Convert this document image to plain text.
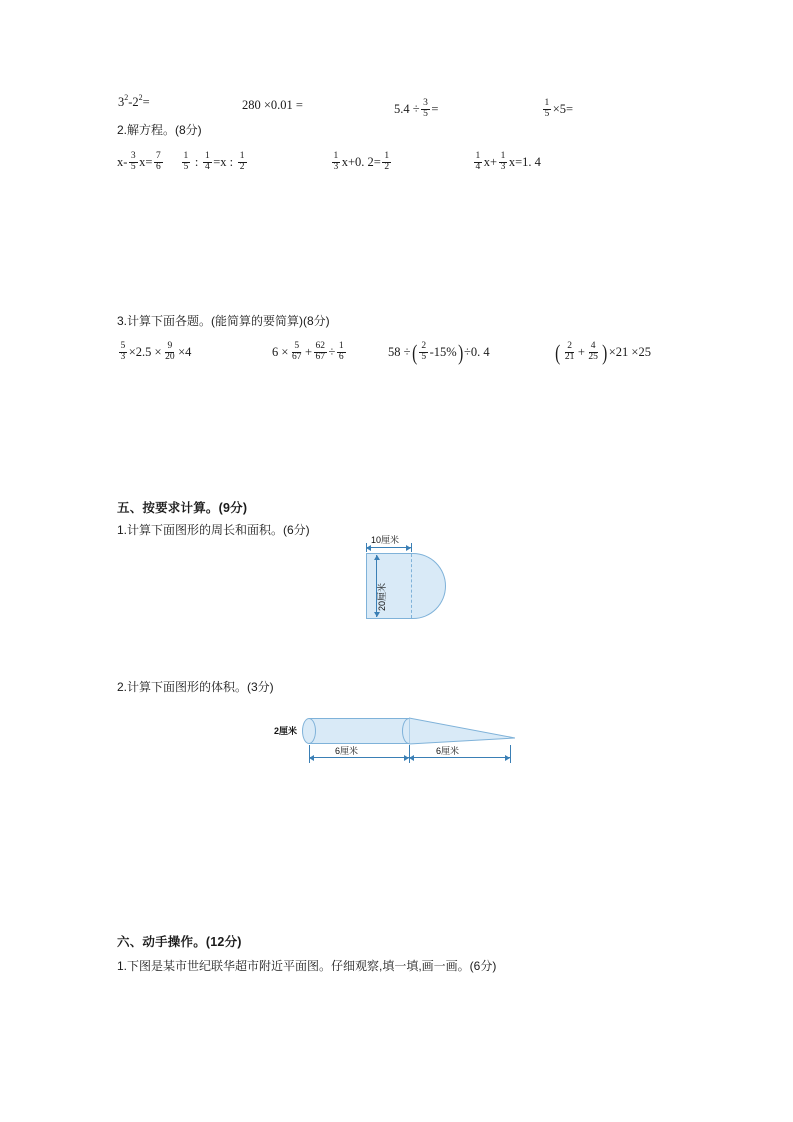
3 2 ‑2 2 =	280 ×0.01 =	$5.4 \div \frac{3}{5}$ =	$\frac{1}{5} \times 5=$
2.解方程。(8分)
$x- \frac{3}{5} x= \frac{7}{6} \frac{1}{5}$ : $\frac{1}{4} =x$ : $\frac{1}{2}$	$\frac{1}{3} x+0$. $2= \frac{1}{2}$	$\frac{1}{4} x+ \frac{1}{3} x=1$. 4
3.计算下面各题。(能简算的要简算)(8分)
$\frac{5}{3} \times 2.5 \times \frac{9}{20} \times 4$	$6 \times \frac{5}{67} + \frac{62}{67} \div \frac{1}{6}$	58 ÷ ( $\frac{2}{5} -15\%$ ) ÷0. 4	( $\frac{2}{21} + \frac{4}{25}$ ) ×21 ×25
五、按要求计算。(9分)
1.计算下面图形的周长和面积。(6分)
10厘米
20厘米
2.计算下面图形的体积。(3分)
2厘米
6厘米	6厘米
六、动手操作。(12分)
1.下图是某市世纪联华超市附近平面图。仔细观察,填一填,画一画。(6分)
